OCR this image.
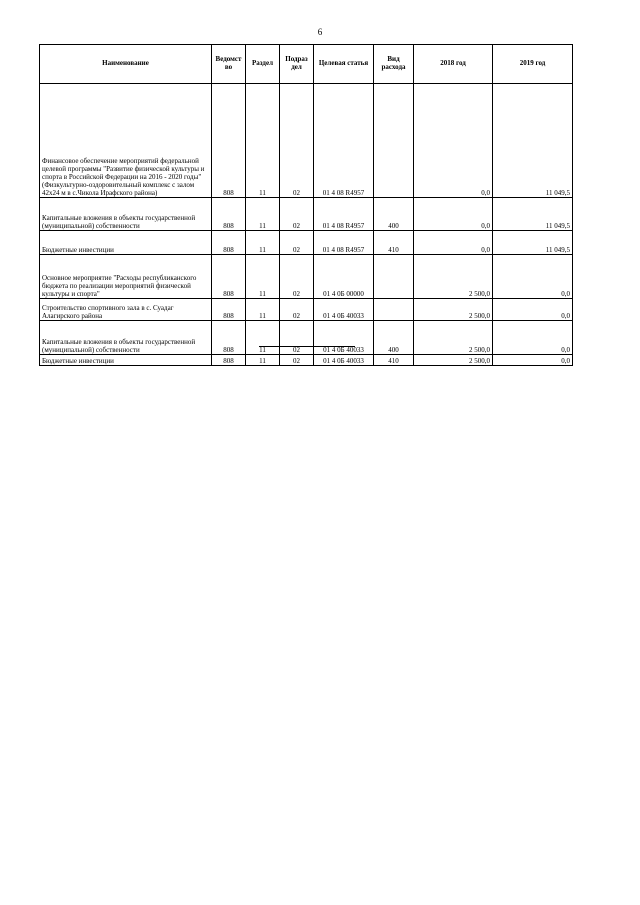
6
Наименование	Ведомст во	Раздел	Подраз дел	Целевая статья	Вид расхода	2018 год	2019 год
Финансовое обеспечение мероприятий федеральной целевой программы "Развитие физической культуры и спорта в Российской Федерации на 2016 - 2020 годы" (Физкультурно-оздоровительный комплекс с залом 42х24 м в с.Чикола Ирафского района)	808	11	02	01 4 08 R4957		0,0	11 049,5
Капитальные вложения в объекты государственной (муниципальной) собственности	808	11	02	01 4 08 R4957	400	0,0	11 049,5
Бюджетные инвестиции	808	11	02	01 4 08 R4957	410	0,0	11 049,5
Основное мероприятие "Расходы республиканского бюджета по реализации мероприятий физической культуры и спорта"	808	11	02	01 4 0Б 00000		2 500,0	0,0
Строительство спортивного зала в с. Суадаг Алагирского района	808	11	02	01 4 0Б 40033		2 500,0	0,0
Капитальные вложения в объекты государственной (муниципальной) собственности	808	11	02	01 4 0Б 40033	400	2 500,0	0,0
Бюджетные инвестиции	808	11	02	01 4 0Б 40033	410	2 500,0	0,0
